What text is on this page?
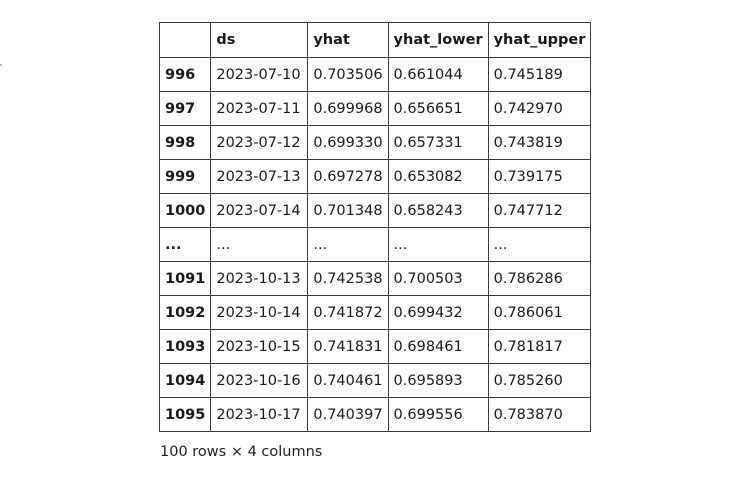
	ds	yhat	yhat_lower	yhat_upper
996	2023-07-10	0.703506	0.661044	0.745189
997	2023-07-11	0.699968	0.656651	0.742970
998	2023-07-12	0.699330	0.657331	0.743819
999	2023-07-13	0.697278	0.653082	0.739175
1000	2023-07-14	0.701348	0.658243	0.747712
...	...	...	...	...
1091	2023-10-13	0.742538	0.700503	0.786286
1092	2023-10-14	0.741872	0.699432	0.786061
1093	2023-10-15	0.741831	0.698461	0.781817
1094	2023-10-16	0.740461	0.695893	0.785260
1095	2023-10-17	0.740397	0.699556	0.783870
100 rows × 4 columns
